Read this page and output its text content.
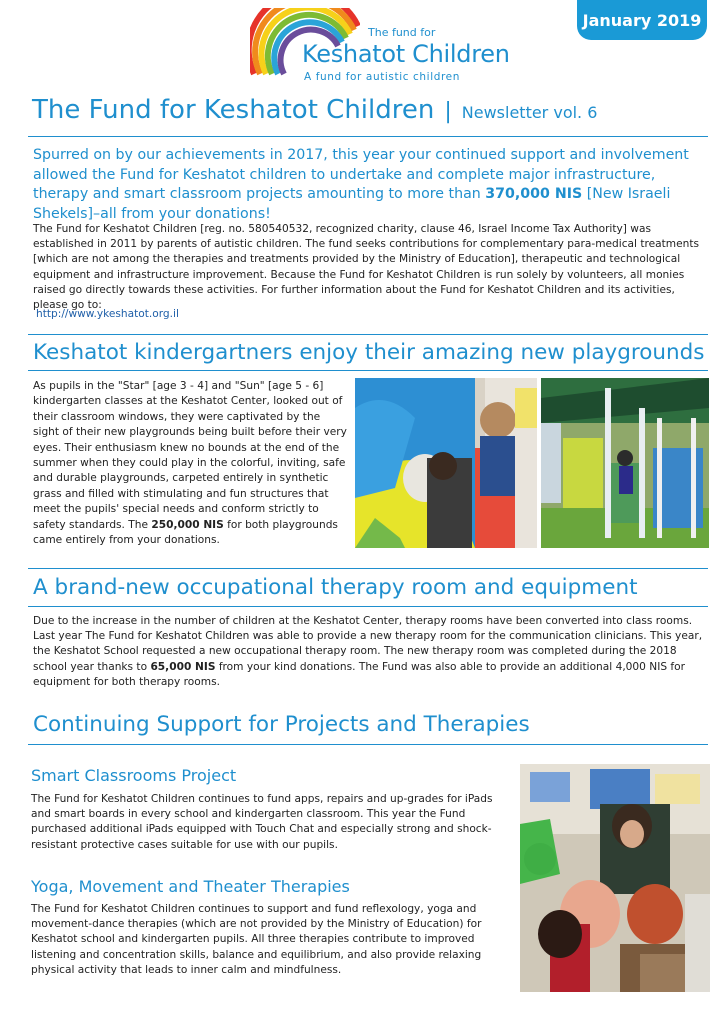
The fund for
Keshatot Children
A fund for autistic children
January 2019
The Fund for Keshatot Children | Newsletter vol. 6
Spurred on by our achievements in 2017, this year your continued support and involvement allowed the Fund for Keshatot children to undertake and complete major infrastructure, therapy and smart classroom projects amounting to more than 370,000 NIS [New Israeli Shekels]–all from your donations!
The Fund for Keshatot Children [reg. no. 580540532, recognized charity, clause 46, Israel Income Tax Authority] was established in 2011 by parents of autistic children. The fund seeks contributions for complementary para-medical treatments [which are not among the therapies and treatments provided by the Ministry of Education], therapeutic and technological equipment and infrastructure improvement. Because the Fund for Keshatot Children is run solely by volunteers, all monies raised go directly towards these activities. For further information about the Fund for Keshatot Children and its activities, please go to:
http://www.ykeshatot.org.il
Keshatot kindergartners enjoy their amazing new playgrounds
As pupils in the "Star" [age 3 - 4] and "Sun" [age 5 - 6] kindergarten classes at the Keshatot Center, looked out of their classroom windows, they were captivated by the sight of their new playgrounds being built before their very eyes. Their enthusiasm knew no bounds at the end of the summer when they could play in the colorful, inviting, safe and durable playgrounds, carpeted entirely in synthetic grass and filled with stimulating and fun structures that meet the pupils' special needs and conform strictly to safety standards. The 250,000 NIS for both playgrounds came entirely from your donations.
A brand-new occupational therapy room and equipment
Due to the increase in the number of children at the Keshatot Center, therapy rooms have been converted into class rooms. Last year The Fund for Keshatot Children was able to provide a new therapy room for the communication clinicians. This year, the Keshatot School requested a new occupational therapy room. The new therapy room was completed during the 2018 school year thanks to 65,000 NIS from your kind donations. The Fund was also able to provide an additional 4,000 NIS for equipment for both therapy rooms.
Continuing Support for Projects and Therapies
Smart Classrooms Project
The Fund for Keshatot Children continues to fund apps, repairs and up-grades for iPads and smart boards in every school and kindergarten classroom. This year the Fund purchased additional iPads equipped with Touch Chat and especially strong and shock-resistant protective cases suitable for use with our pupils.
Yoga, Movement and Theater Therapies
The Fund for Keshatot Children continues to support and fund reflexology, yoga and movement-dance therapies (which are not provided by the Ministry of Education) for Keshatot school and kindergarten pupils. All three therapies contribute to improved listening and concentration skills, balance and equilibrium, and also provide relaxing physical activity that leads to inner calm and mindfulness.
